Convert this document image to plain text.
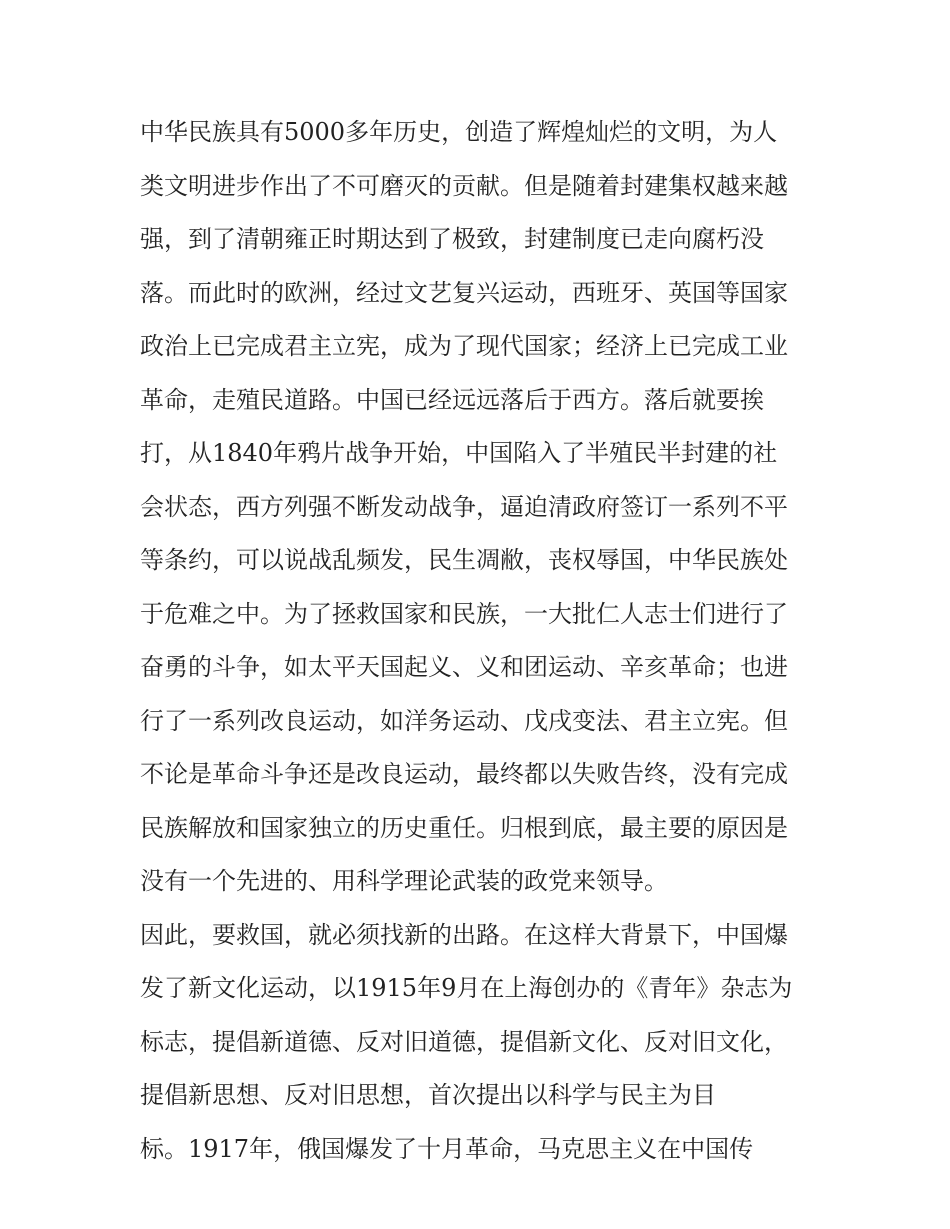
中华民族具有5000多年历史，创造了辉煌灿烂的文明，为人
类文明进步作出了不可磨灭的贡献。但是随着封建集权越来越
强，到了清朝雍正时期达到了极致，封建制度已走向腐朽没
落。而此时的欧洲，经过文艺复兴运动，西班牙、英国等国家
政治上已完成君主立宪，成为了现代国家；经济上已完成工业
革命，走殖民道路。中国已经远远落后于西方。落后就要挨
打，从1840年鸦片战争开始，中国陷入了半殖民半封建的社
会状态，西方列强不断发动战争，逼迫清政府签订一系列不平
等条约，可以说战乱频发，民生凋敝，丧权辱国，中华民族处
于危难之中。为了拯救国家和民族，一大批仁人志士们进行了
奋勇的斗争，如太平天国起义、义和团运动、辛亥革命；也进
行了一系列改良运动，如洋务运动、戊戌变法、君主立宪。但
不论是革命斗争还是改良运动，最终都以失败告终，没有完成
民族解放和国家独立的历史重任。归根到底，最主要的原因是
没有一个先进的、用科学理论武装的政党来领导。
因此，要救国，就必须找新的出路。在这样大背景下，中国爆
发了新文化运动，以1915年9月在上海创办的《青年》杂志为
标志，提倡新道德、反对旧道德，提倡新文化、反对旧文化，
提倡新思想、反对旧思想，首次提出以科学与民主为目
标。1917年，俄国爆发了十月革命，马克思主义在中国传
